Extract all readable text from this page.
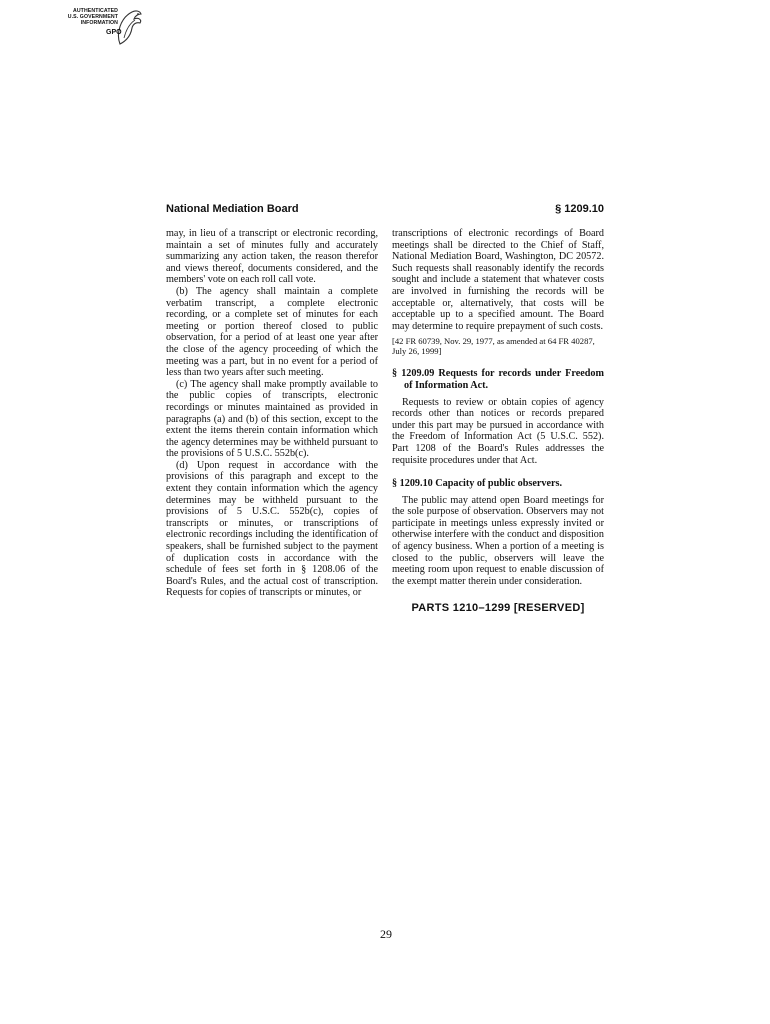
AUTHENTICATED
U.S. GOVERNMENT
INFORMATION
GPO
National Mediation Board	§ 1209.10

may, in lieu of a transcript or electronic recording, maintain a set of minutes fully and accurately summarizing any action taken, the reason therefor and views thereof, documents considered, and the members' vote on each roll call vote.

(b) The agency shall maintain a complete verbatim transcript, a complete electronic recording, or a complete set of minutes for each meeting or portion thereof closed to public observation, for a period of at least one year after the close of the agency proceeding of which the meeting was a part, but in no event for a period of less than two years after such meeting.

(c) The agency shall make promptly available to the public copies of transcripts, electronic recordings or minutes maintained as provided in paragraphs (a) and (b) of this section, except to the extent the items therein contain information which the agency determines may be withheld pursuant to the provisions of 5 U.S.C. 552b(c).

(d) Upon request in accordance with the provisions of this paragraph and except to the extent they contain information which the agency determines may be withheld pursuant to the provisions of 5 U.S.C. 552b(c), copies of transcripts or minutes, or transcriptions of electronic recordings including the identification of speakers, shall be furnished subject to the payment of duplication costs in accordance with the schedule of fees set forth in § 1208.06 of the Board's Rules, and the actual cost of transcription. Requests for copies of transcripts or minutes, or

transcriptions of electronic recordings of Board meetings shall be directed to the Chief of Staff, National Mediation Board, Washington, DC 20572. Such requests shall reasonably identify the records sought and include a statement that whatever costs are involved in furnishing the records will be acceptable or, alternatively, that costs will be acceptable up to a specified amount. The Board may determine to require prepayment of such costs.

[42 FR 60739, Nov. 29, 1977, as amended at 64 FR 40287, July 26, 1999]

§ 1209.09 Requests for records under Freedom of Information Act.

Requests to review or obtain copies of agency records other than notices or records prepared under this part may be pursued in accordance with the Freedom of Information Act (5 U.S.C. 552). Part 1208 of the Board's Rules addresses the requisite procedures under that Act.

§ 1209.10 Capacity of public observers.

The public may attend open Board meetings for the sole purpose of observation. Observers may not participate in meetings unless expressly invited or otherwise interfere with the conduct and disposition of agency business. When a portion of a meeting is closed to the public, observers will leave the meeting room upon request to enable discussion of the exempt matter therein under consideration.

PARTS 1210–1299 [RESERVED]
29
